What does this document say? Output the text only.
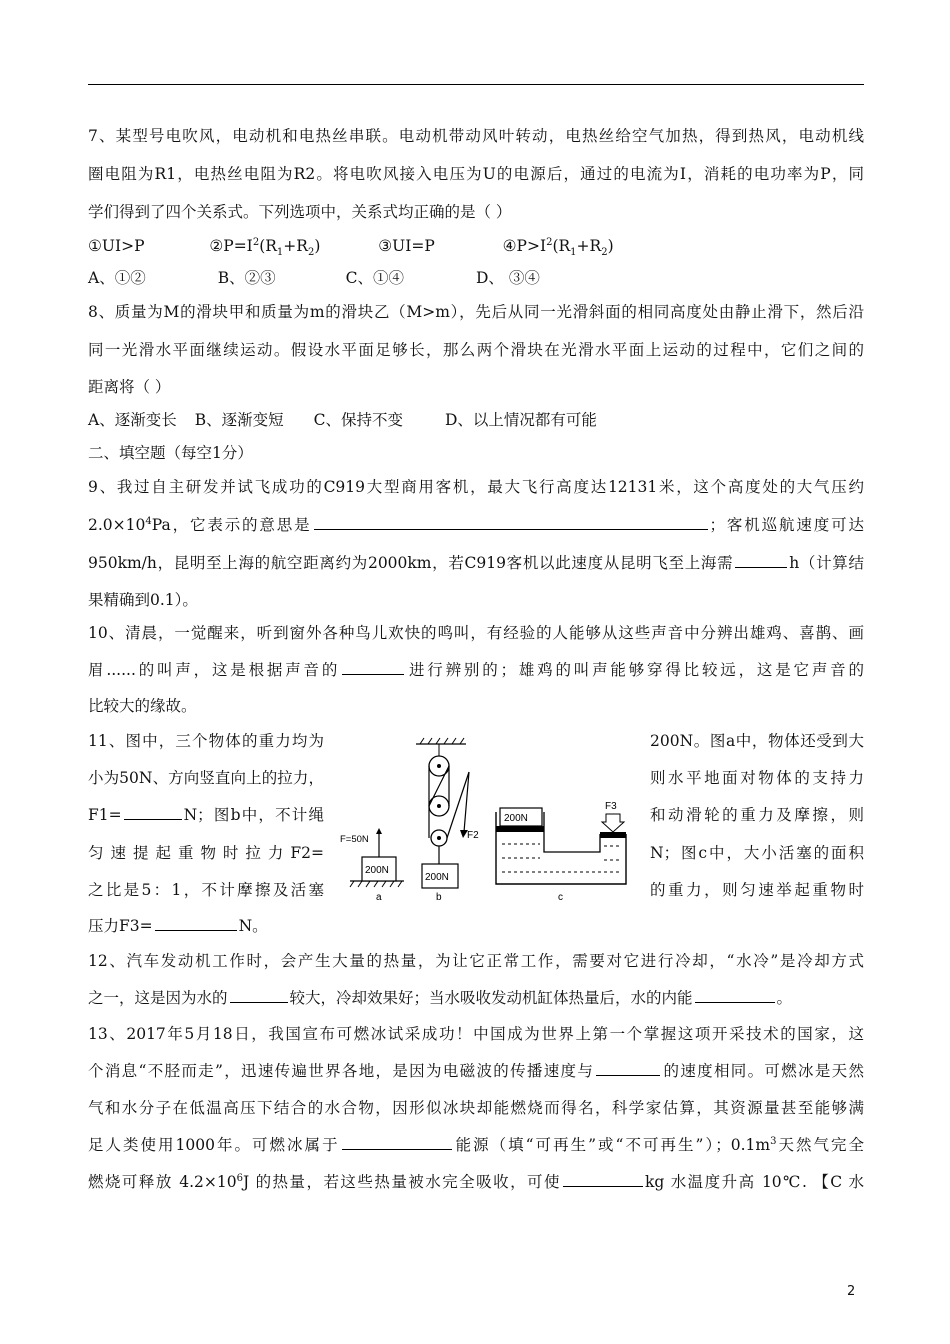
7、某型号电吹风，电动机和电热丝串联。电动机带动风叶转动，电热丝给空气加热，得到热风，电动机线
圈电阻为R1，电热丝电阻为R2。将电吹风接入电压为U的电源后，通过的电流为I，消耗的电功率为P，同
学们得到了四个关系式。下列选项中，关系式均正确的是（ ）
①UI>P	$②P=I^2(R_1+R_2)$	③UI=P	$④P>I^2(R_1+R_2)$
A、①②	B、②③	C、①④	D、 ③④
8、质量为M的滑块甲和质量为m的滑块乙（M>m），先后从同一光滑斜面的相同高度处由静止滑下，然后沿
同一光滑水平面继续运动。假设水平面足够长，那么两个滑块在光滑水平面上运动的过程中，它们之间的
距离将（ ）
A、逐渐变长 B、逐渐变短 C、保持不变	D、以上情况都有可能
二、填空题（每空1分）
9、我过自主研发并试飞成功的C919大型商用客机，最大飞行高度达12131米，这个高度处的大气压约
$2.0\times 10^4Pa$，它表示的意思是	；客机巡航速度可达
950km/h，昆明至上海的航空距离约为2000km，若C919客机以此速度从昆明飞至上海需	h（计算结
果精确到0.1）。
10、清晨，一觉醒来，听到窗外各种鸟儿欢快的鸣叫，有经验的人能够从这些声音中分辨出雄鸡、喜鹊、画
眉......的叫声，这是根据声音的	进行辨别的；雄鸡的叫声能够穿得比较远，这是它声音的
比较大的缘故。
11、图中，三个物体的重力均为
小为50N、方向竖直向上的拉力，
F1=	N；图b中，不计绳
匀 速 提 起 重 物 时 拉 力 F2=
之比是5：1，不计摩擦及活塞
200N。图a中，物体还受到大
则水平地面对物体的支持力
和动滑轮的重力及摩擦，则
N；图c中，大小活塞的面积
的重力，则匀速举起重物时
压力F3=	N。
200N
F=50N
a
F2
200N
b
200N
F3
c
12、汽车发动机工作时，会产生大量的热量，为让它正常工作，需要对它进行冷却，“水冷”是冷却方式
之一，这是因为水的	较大，冷却效果好；当水吸收发动机缸体热量后，水的内能	。
13、2017年5月18日，我国宣布可燃冰试采成功！中国成为世界上第一个掌握这项开采技术的国家，这
个消息“不胫而走”，迅速传遍世界各地，是因为电磁波的传播速度与	的速度相同。可燃冰是天然
气和水分子在低温高压下结合的水合物，因形似冰块却能燃烧而得名，科学家估算，其资源量甚至能够满
足人类使用1000年。可燃冰属于	能源（填“可再生”或“不可再生”）；$0.1m^3$天然气完全
燃烧可释放 $4.2\times 10^6J$ 的热量，若这些热量被水完全吸收，可使	kg 水温度升高 10℃. 【C 水
2
